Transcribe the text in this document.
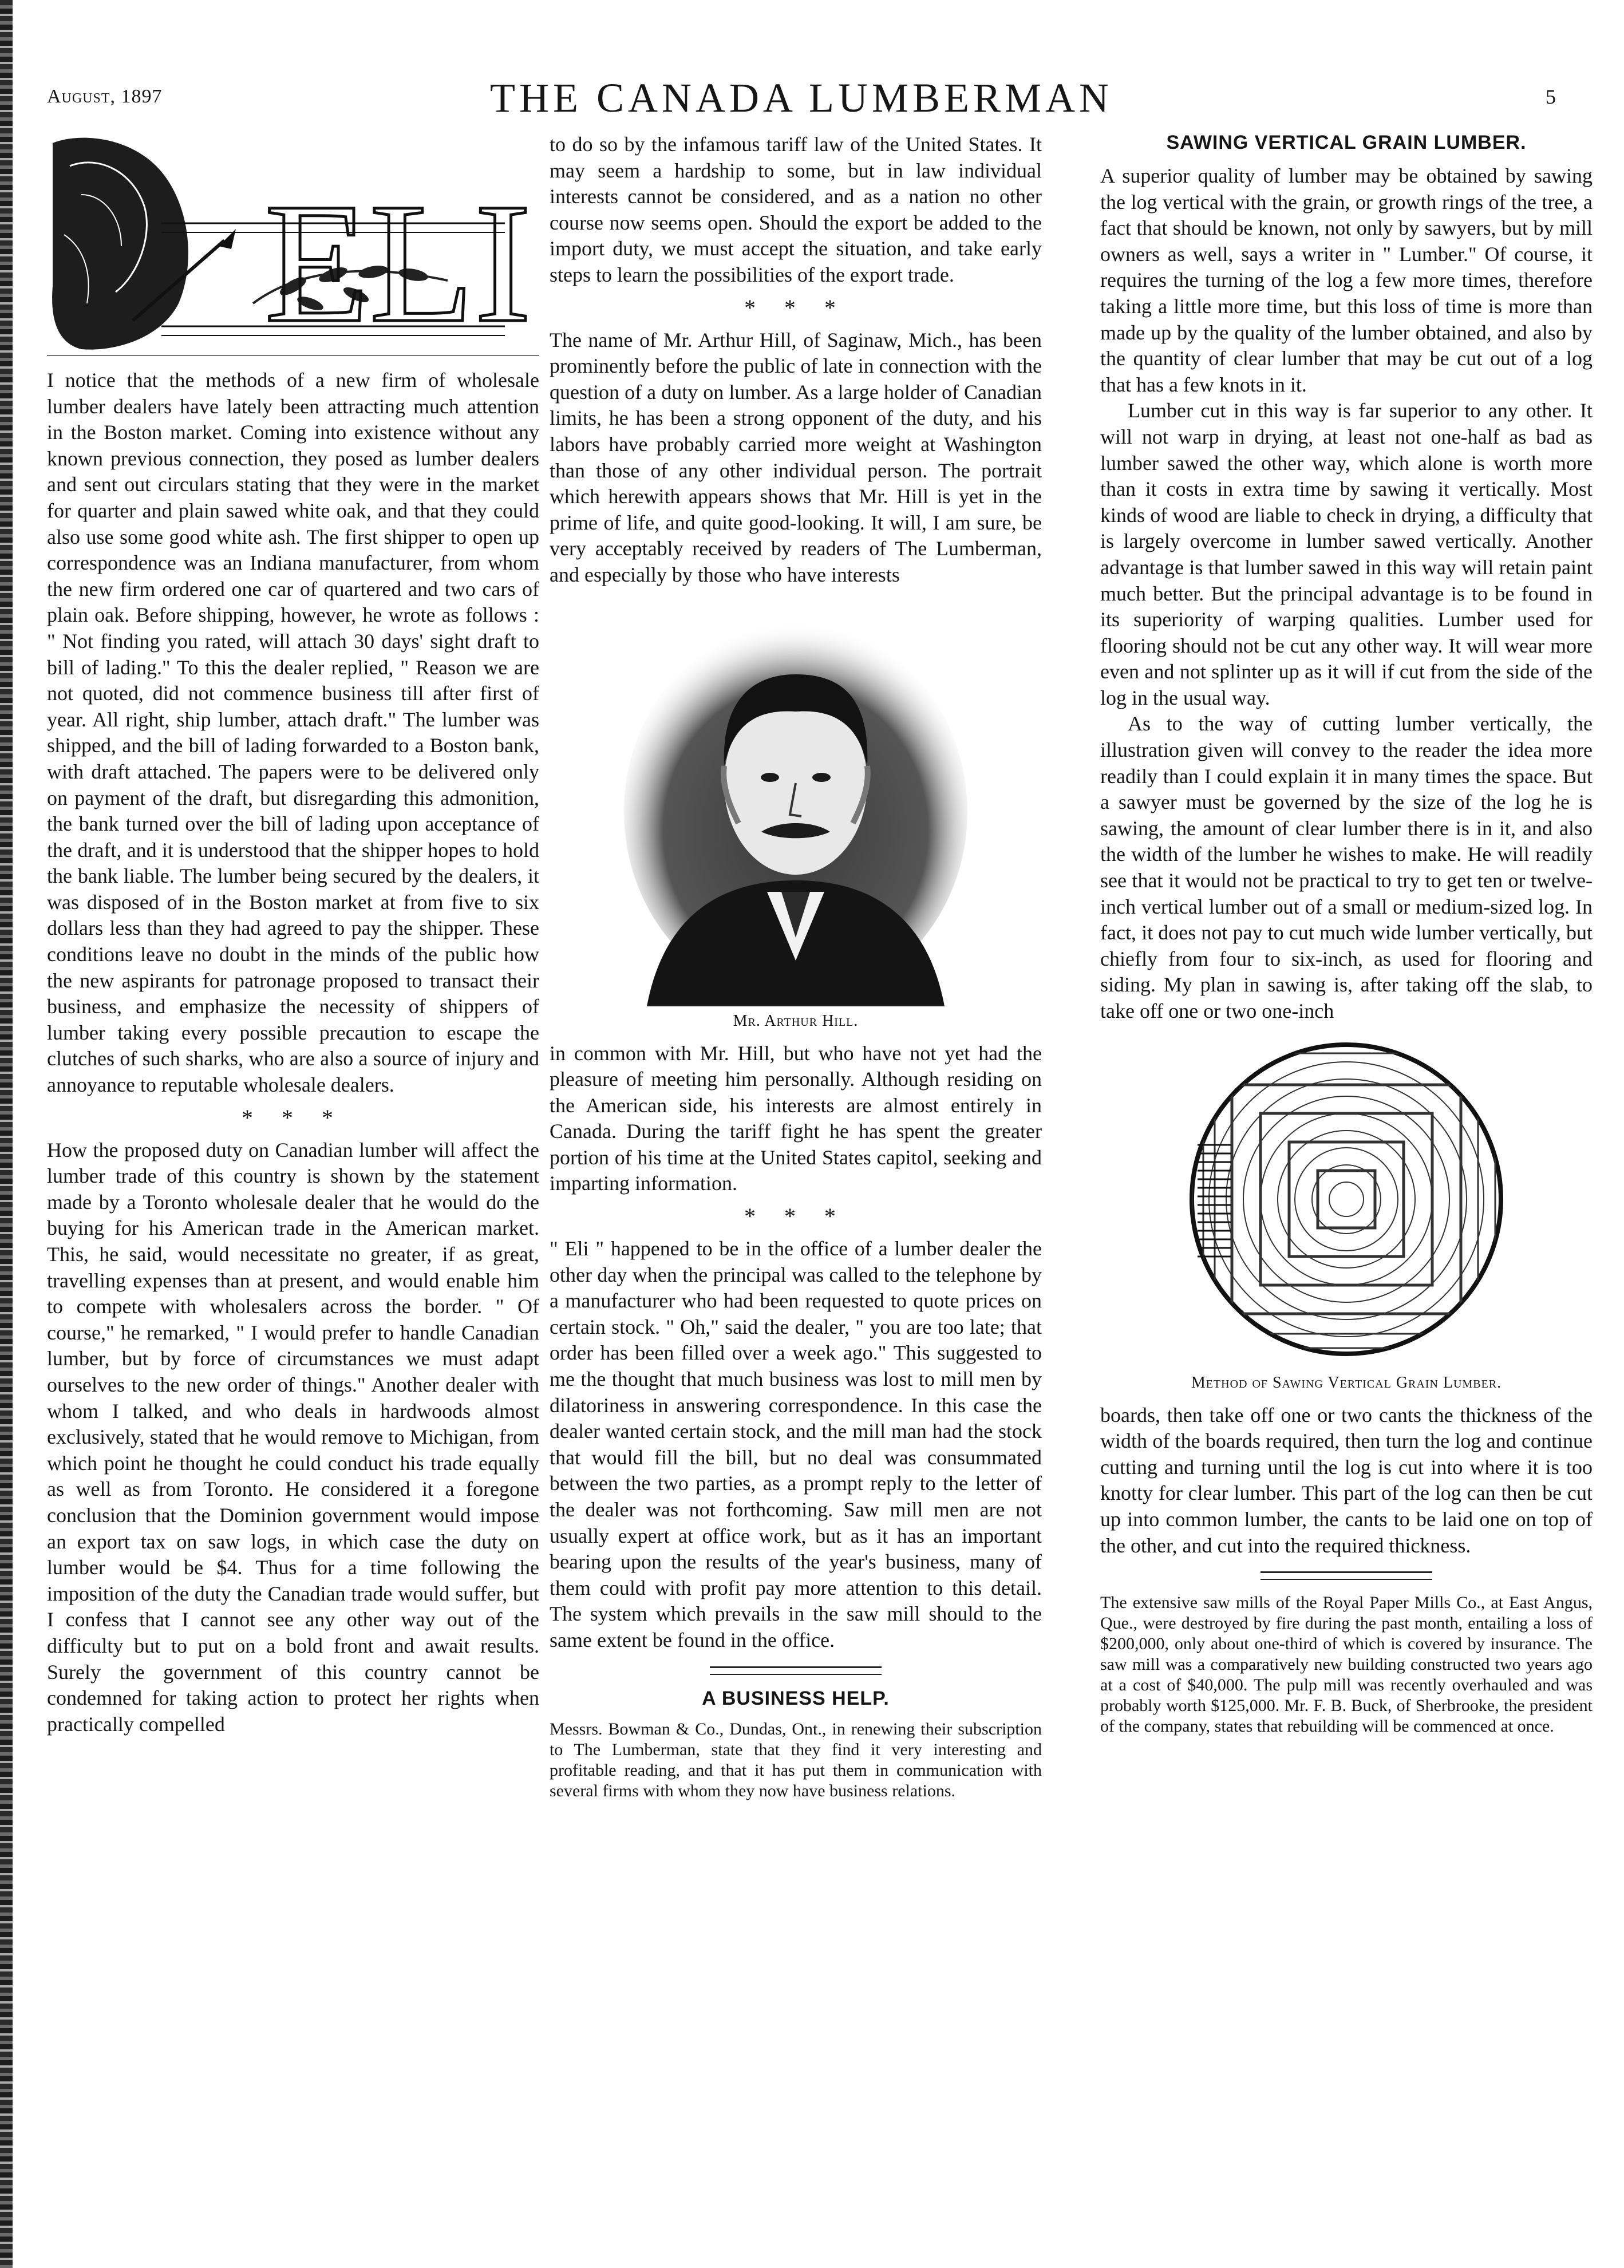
August, 1897	THE CANADA LUMBERMAN	5
ELI

I notice that the methods of a new firm of wholesale lumber dealers have lately been attracting much attention in the Boston market. Coming into existence without any known previous connection, they posed as lumber dealers and sent out circulars stating that they were in the market for quarter and plain sawed white oak, and that they could also use some good white ash. The first shipper to open up correspondence was an Indiana manufacturer, from whom the new firm ordered one car of quartered and two cars of plain oak. Before shipping, however, he wrote as follows : " Not finding you rated, will attach 30 days' sight draft to bill of lading." To this the dealer replied, " Reason we are not quoted, did not commence business till after first of year. All right, ship lumber, attach draft." The lumber was shipped, and the bill of lading forwarded to a Boston bank, with draft attached. The papers were to be delivered only on payment of the draft, but disregarding this admonition, the bank turned over the bill of lading upon acceptance of the draft, and it is understood that the shipper hopes to hold the bank liable. The lumber being secured by the dealers, it was disposed of in the Boston market at from five to six dollars less than they had agreed to pay the shipper. These conditions leave no doubt in the minds of the public how the new aspirants for patronage proposed to transact their business, and emphasize the necessity of shippers of lumber taking every possible precaution to escape the clutches of such sharks, who are also a source of injury and annoyance to reputable wholesale dealers.

* * *

How the proposed duty on Canadian lumber will affect the lumber trade of this country is shown by the statement made by a Toronto wholesale dealer that he would do the buying for his American trade in the American market. This, he said, would necessitate no greater, if as great, travelling expenses than at present, and would enable him to compete with wholesalers across the border. " Of course," he remarked, " I would prefer to handle Canadian lumber, but by force of circumstances we must adapt ourselves to the new order of things." Another dealer with whom I talked, and who deals in hardwoods almost exclusively, stated that he would remove to Michigan, from which point he thought he could conduct his trade equally as well as from Toronto. He considered it a foregone conclusion that the Dominion government would impose an export tax on saw logs, in which case the duty on lumber would be $4. Thus for a time following the imposition of the duty the Canadian trade would suffer, but I confess that I cannot see any other way out of the difficulty but to put on a bold front and await results. Surely the government of this country cannot be condemned for taking action to protect her rights when practically compelled

to do so by the infamous tariff law of the United States. It may seem a hardship to some, but in law individual interests cannot be considered, and as a nation no other course now seems open. Should the export be added to the import duty, we must accept the situation, and take early steps to learn the possibilities of the export trade.

* * *

The name of Mr. Arthur Hill, of Saginaw, Mich., has been prominently before the public of late in connection with the question of a duty on lumber. As a large holder of Canadian limits, he has been a strong opponent of the duty, and his labors have probably carried more weight at Washington than those of any other individual person. The portrait which herewith appears shows that Mr. Hill is yet in the prime of life, and quite good-looking. It will, I am sure, be very acceptably received by readers of The Lumberman, and especially by those who have interests

Mr. Arthur Hill.

in common with Mr. Hill, but who have not yet had the pleasure of meeting him personally. Although residing on the American side, his interests are almost entirely in Canada. During the tariff fight he has spent the greater portion of his time at the United States capitol, seeking and imparting information.

* * *

" Eli " happened to be in the office of a lumber dealer the other day when the principal was called to the telephone by a manufacturer who had been requested to quote prices on certain stock. " Oh," said the dealer, " you are too late; that order has been filled over a week ago." This suggested to me the thought that much business was lost to mill men by dilatoriness in answering correspondence. In this case the dealer wanted certain stock, and the mill man had the stock that would fill the bill, but no deal was consummated between the two parties, as a prompt reply to the letter of the dealer was not forthcoming. Saw mill men are not usually expert at office work, but as it has an important bearing upon the results of the year's business, many of them could with profit pay more attention to this detail. The system which prevails in the saw mill should to the same extent be found in the office.

A BUSINESS HELP.

Messrs. Bowman & Co., Dundas, Ont., in renewing their subscription to The Lumberman, state that they find it very interesting and profitable reading, and that it has put them in communication with several firms with whom they now have business relations.

SAWING VERTICAL GRAIN LUMBER.

A superior quality of lumber may be obtained by sawing the log vertical with the grain, or growth rings of the tree, a fact that should be known, not only by sawyers, but by mill owners as well, says a writer in " Lumber." Of course, it requires the turning of the log a few more times, therefore taking a little more time, but this loss of time is more than made up by the quality of the lumber obtained, and also by the quantity of clear lumber that may be cut out of a log that has a few knots in it.

Lumber cut in this way is far superior to any other. It will not warp in drying, at least not one-half as bad as lumber sawed the other way, which alone is worth more than it costs in extra time by sawing it vertically. Most kinds of wood are liable to check in drying, a difficulty that is largely overcome in lumber sawed vertically. Another advantage is that lumber sawed in this way will retain paint much better. But the principal advantage is to be found in its superiority of warping qualities. Lumber used for flooring should not be cut any other way. It will wear more even and not splinter up as it will if cut from the side of the log in the usual way.

As to the way of cutting lumber vertically, the illustration given will convey to the reader the idea more readily than I could explain it in many times the space. But a sawyer must be governed by the size of the log he is sawing, the amount of clear lumber there is in it, and also the width of the lumber he wishes to make. He will readily see that it would not be practical to try to get ten or twelve-inch vertical lumber out of a small or medium-sized log. In fact, it does not pay to cut much wide lumber vertically, but chiefly from four to six-inch, as used for flooring and siding. My plan in sawing is, after taking off the slab, to take off one or two one-inch

Method of Sawing Vertical Grain Lumber.

boards, then take off one or two cants the thickness of the width of the boards required, then turn the log and continue cutting and turning until the log is cut into where it is too knotty for clear lumber. This part of the log can then be cut up into common lumber, the cants to be laid one on top of the other, and cut into the required thickness.

The extensive saw mills of the Royal Paper Mills Co., at East Angus, Que., were destroyed by fire during the past month, entailing a loss of $200,000, only about one-third of which is covered by insurance. The saw mill was a comparatively new building constructed two years ago at a cost of $40,000. The pulp mill was recently overhauled and was probably worth $125,000. Mr. F. B. Buck, of Sherbrooke, the president of the company, states that rebuilding will be commenced at once.
